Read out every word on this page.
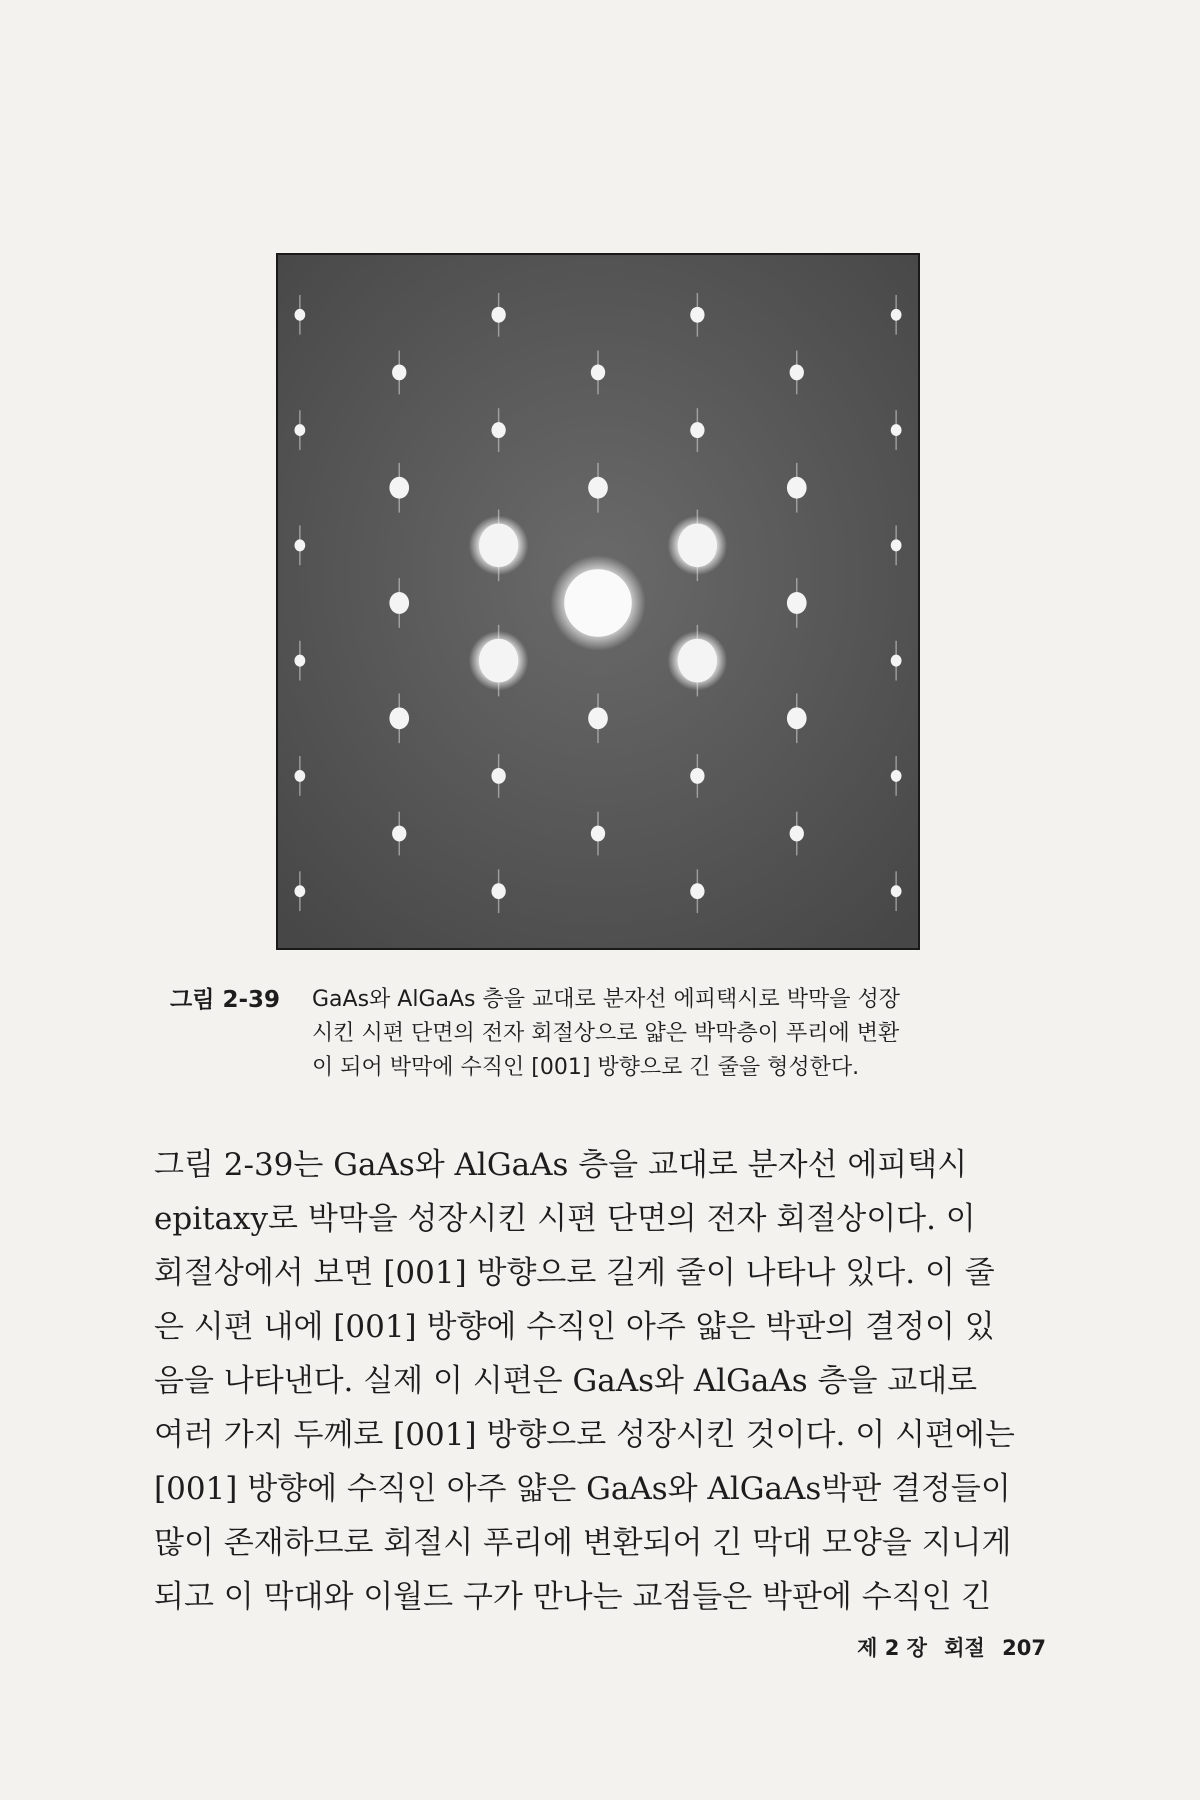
그림 2-39	GaAs와 AlGaAs 층을 교대로 분자선 에피택시로 박막을 성장
시킨 시편 단면의 전자 회절상으로 얇은 박막층이 푸리에 변환
이 되어 박막에 수직인 [001] 방향으로 긴 줄을 형성한다.
그림 2-39는 GaAs와 AlGaAs 층을 교대로 분자선 에피택시
epitaxy로 박막을 성장시킨 시편 단면의 전자 회절상이다. 이
회절상에서 보면 [001] 방향으로 길게 줄이 나타나 있다. 이 줄
은 시편 내에 [001] 방향에 수직인 아주 얇은 박판의 결정이 있
음을 나타낸다. 실제 이 시편은 GaAs와 AlGaAs 층을 교대로
여러 가지 두께로 [001] 방향으로 성장시킨 것이다. 이 시편에는
[001] 방향에 수직인 아주 얇은 GaAs와 AlGaAs박판 결정들이
많이 존재하므로 회절시 푸리에 변환되어 긴 막대 모양을 지니게
되고 이 막대와 이월드 구가 만나는 교점들은 박판에 수직인 긴
제 2 장 회절 207
